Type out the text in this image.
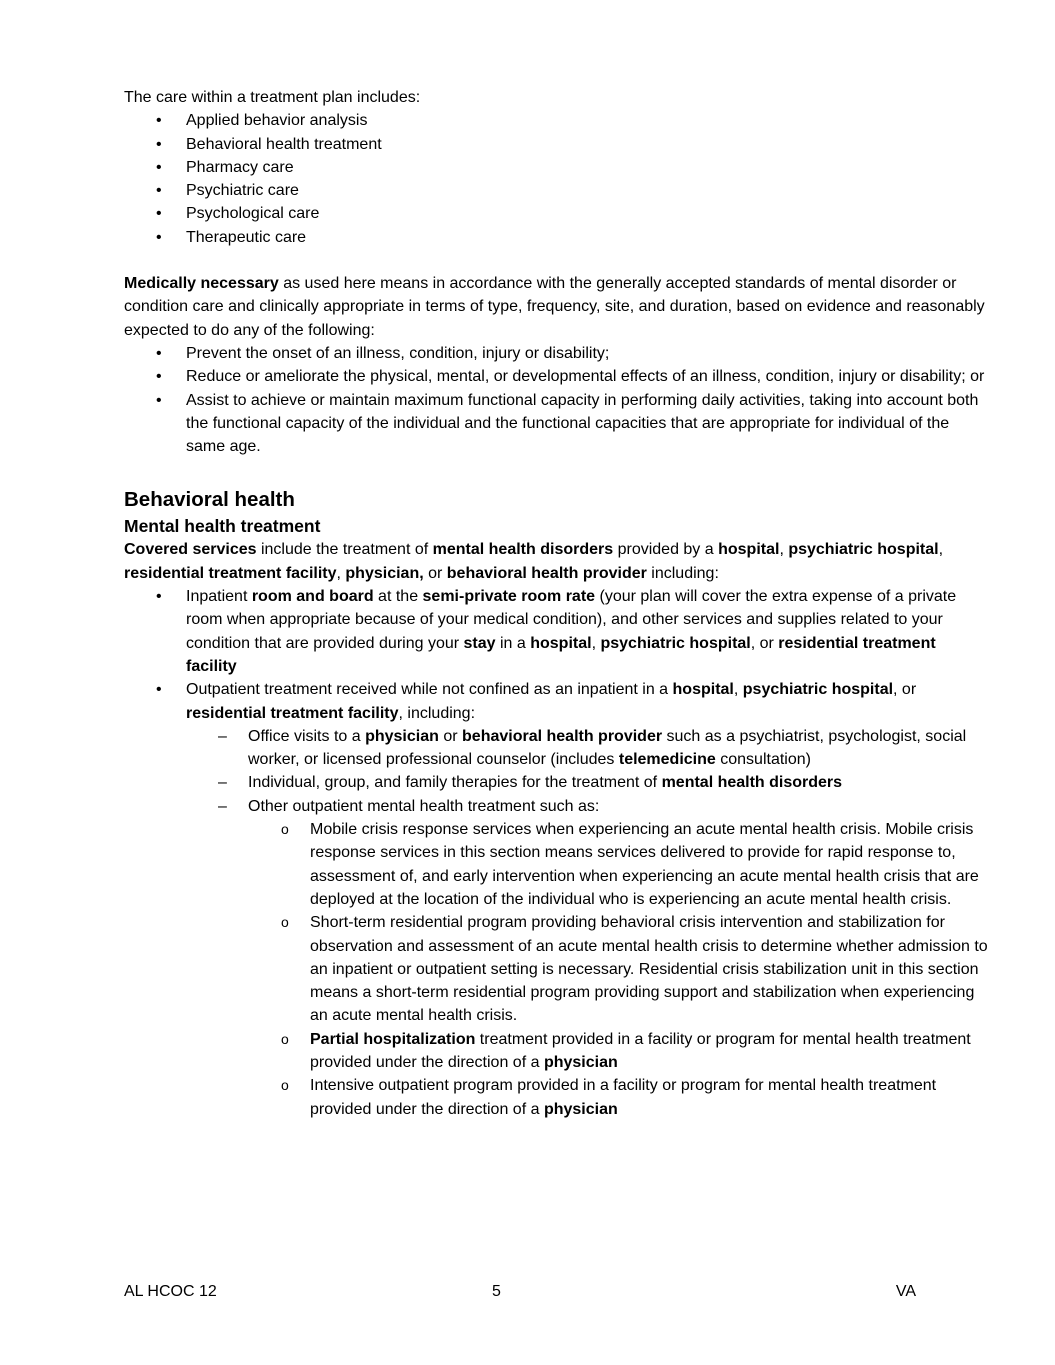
The care within a treatment plan includes:

• Applied behavior analysis
• Behavioral health treatment
• Pharmacy care
• Psychiatric care
• Psychological care
• Therapeutic care

Medically necessary as used here means in accordance with the generally accepted standards of mental disorder or condition care and clinically appropriate in terms of type, frequency, site, and duration, based on evidence and reasonably expected to do any of the following:

• Prevent the onset of an illness, condition, injury or disability;
• Reduce or ameliorate the physical, mental, or developmental effects of an illness, condition, injury or disability; or
• Assist to achieve or maintain maximum functional capacity in performing daily activities, taking into account both the functional capacity of the individual and the functional capacities that are appropriate for individual of the same age.
Behavioral health
Mental health treatment

Covered services include the treatment of mental health disorders provided by a hospital, psychiatric hospital, residential treatment facility, physician, or behavioral health provider including:

• Inpatient room and board at the semi-private room rate (your plan will cover the extra expense of a private room when appropriate because of your medical condition), and other services and supplies related to your condition that are provided during your stay in a hospital, psychiatric hospital, or residential treatment facility
• Outpatient treatment received while not confined as an inpatient in a hospital, psychiatric hospital, or residential treatment facility, including:
– Office visits to a physician or behavioral health provider such as a psychiatrist, psychologist, social worker, or licensed professional counselor (includes telemedicine consultation)
– Individual, group, and family therapies for the treatment of mental health disorders
– Other outpatient mental health treatment such as:
o Mobile crisis response services when experiencing an acute mental health crisis. Mobile crisis response services in this section means services delivered to provide for rapid response to, assessment of, and early intervention when experiencing an acute mental health crisis that are deployed at the location of the individual who is experiencing an acute mental health crisis.
o Short-term residential program providing behavioral crisis intervention and stabilization for observation and assessment of an acute mental health crisis to determine whether admission to an inpatient or outpatient setting is necessary. Residential crisis stabilization unit in this section means a short-term residential program providing support and stabilization when experiencing an acute mental health crisis.
o Partial hospitalization treatment provided in a facility or program for mental health treatment provided under the direction of a physician
o Intensive outpatient program provided in a facility or program for mental health treatment provided under the direction of a physician
AL HCOC 12	5	VA
